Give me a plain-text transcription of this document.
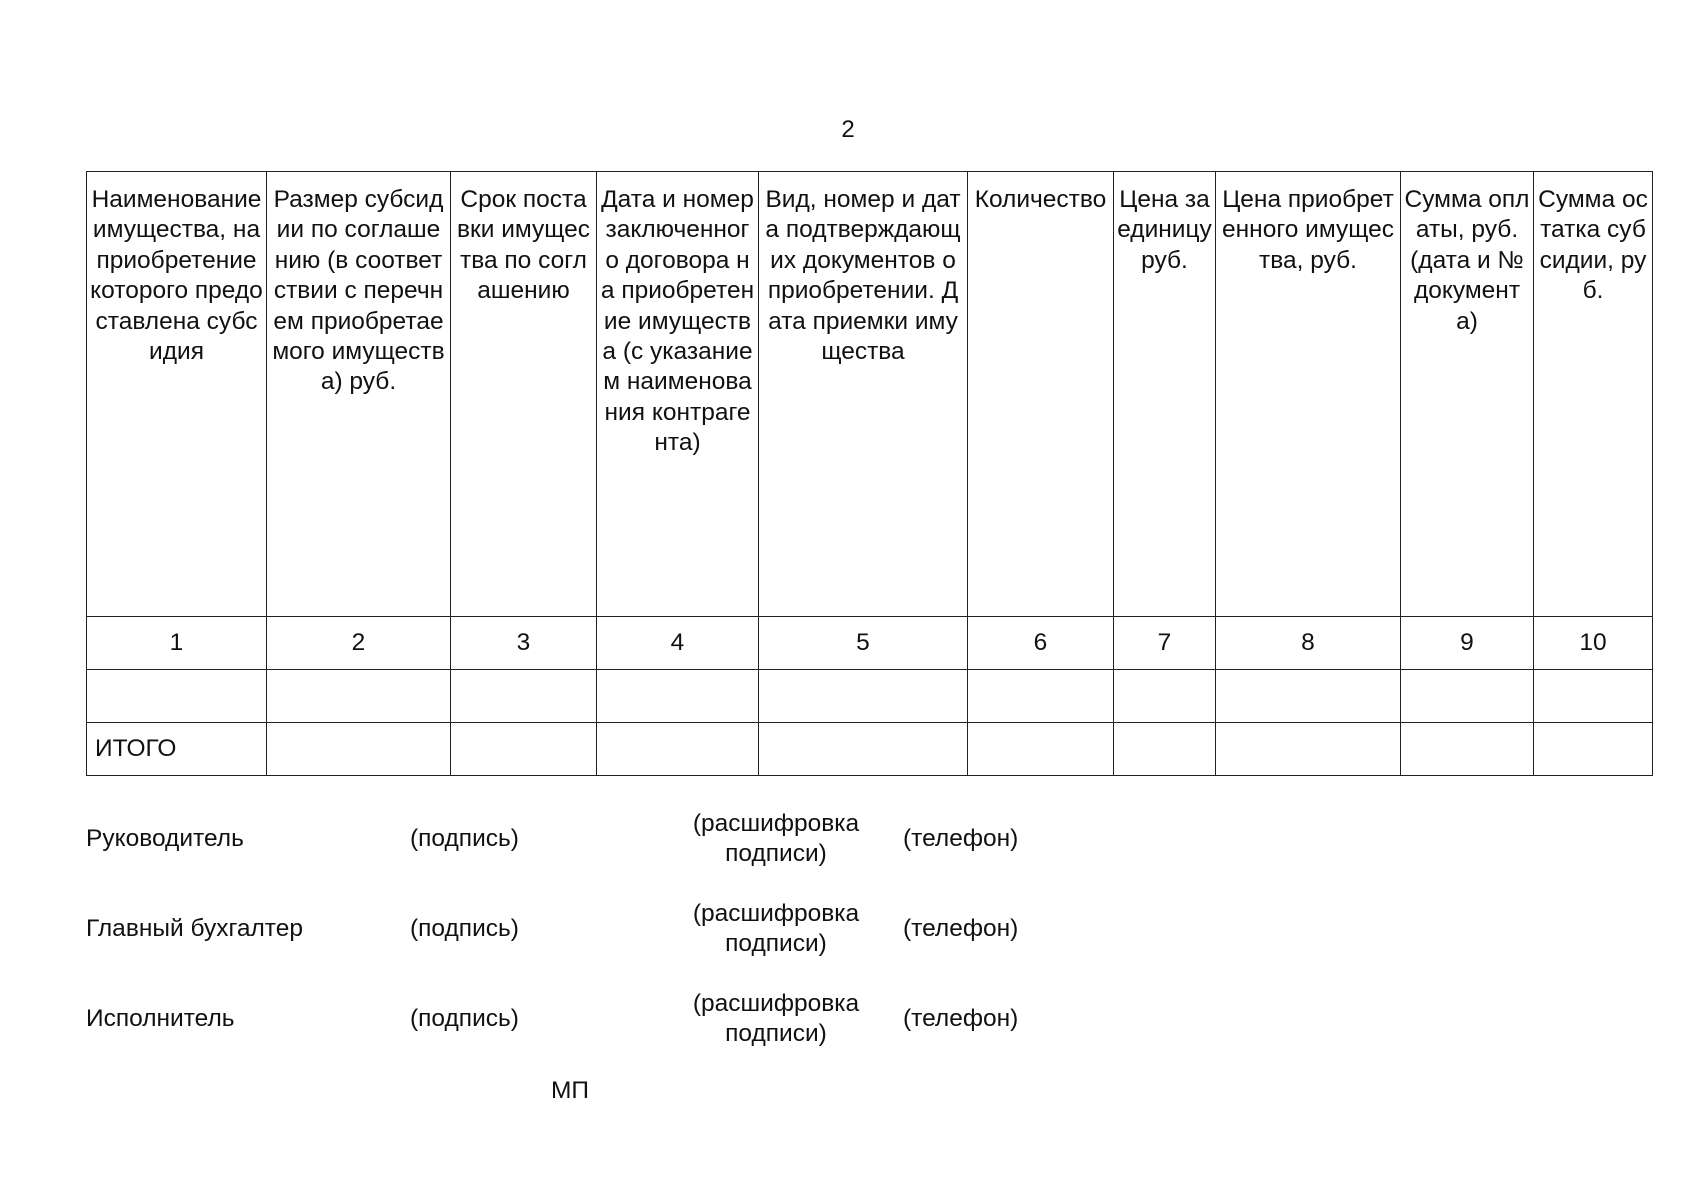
2
Наименование имущества, на приобретение которого предоставлена субсидия	Размер субсидии по соглашению (в соответствии с перечнем приобретаемого имущества) руб.	Срок поставки имущества по соглашению	Дата и номер заключенного договора на приобретение имущества (с указанием наименования контрагента)	Вид, номер и дата подтверждающих документов о приобретении. Дата приемки имущества	Количество	Цена за единицу руб.	Цена приобретенного имущества, руб.	Сумма оплаты, руб. (дата и № документа)	Сумма остатка субсидии, руб.

1	2	3	4	5	6	7	8	9	10

ИТОГО									
Руководитель	(подпись)
(расшифровка подписи)
(телефон)
Главный бухгалтер	(подпись)
(расшифровка подписи)
(телефон)
Исполнитель	(подпись)
(расшифровка подписи)
(телефон)
МП
